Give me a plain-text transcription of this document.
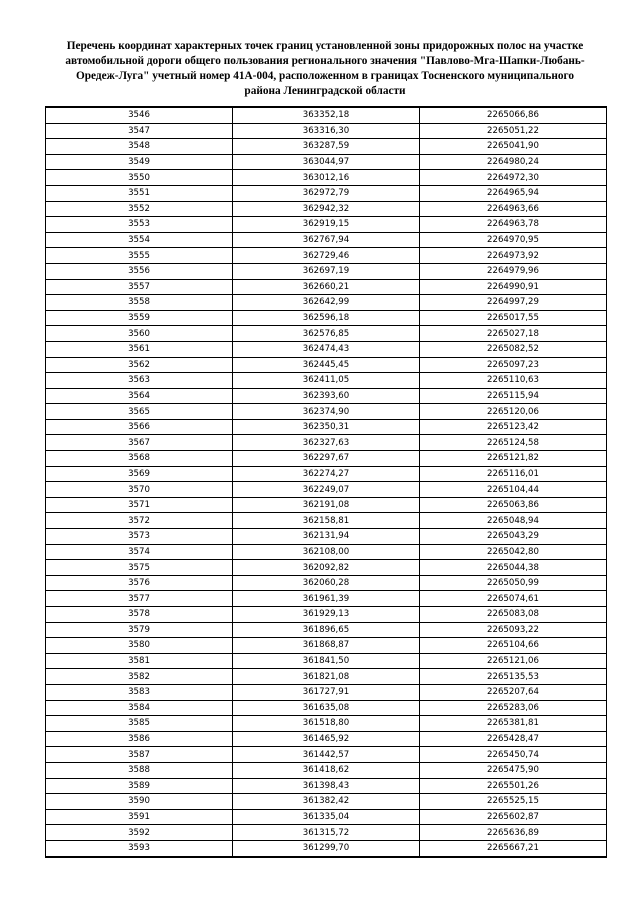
Перечень координат характерных точек границ установленной зоны придорожных полос на участке
автомобильной дороги общего пользования регионального значения "Павлово-Мга-Шапки-Любань-
Оредеж-Луга" учетный номер 41А-004, расположенном в границах Тосненского муниципального
района Ленинградской области
3546	363352,18	2265066,86
3547	363316,30	2265051,22
3548	363287,59	2265041,90
3549	363044,97	2264980,24
3550	363012,16	2264972,30
3551	362972,79	2264965,94
3552	362942,32	2264963,66
3553	362919,15	2264963,78
3554	362767,94	2264970,95
3555	362729,46	2264973,92
3556	362697,19	2264979,96
3557	362660,21	2264990,91
3558	362642,99	2264997,29
3559	362596,18	2265017,55
3560	362576,85	2265027,18
3561	362474,43	2265082,52
3562	362445,45	2265097,23
3563	362411,05	2265110,63
3564	362393,60	2265115,94
3565	362374,90	2265120,06
3566	362350,31	2265123,42
3567	362327,63	2265124,58
3568	362297,67	2265121,82
3569	362274,27	2265116,01
3570	362249,07	2265104,44
3571	362191,08	2265063,86
3572	362158,81	2265048,94
3573	362131,94	2265043,29
3574	362108,00	2265042,80
3575	362092,82	2265044,38
3576	362060,28	2265050,99
3577	361961,39	2265074,61
3578	361929,13	2265083,08
3579	361896,65	2265093,22
3580	361868,87	2265104,66
3581	361841,50	2265121,06
3582	361821,08	2265135,53
3583	361727,91	2265207,64
3584	361635,08	2265283,06
3585	361518,80	2265381,81
3586	361465,92	2265428,47
3587	361442,57	2265450,74
3588	361418,62	2265475,90
3589	361398,43	2265501,26
3590	361382,42	2265525,15
3591	361335,04	2265602,87
3592	361315,72	2265636,89
3593	361299,70	2265667,21
